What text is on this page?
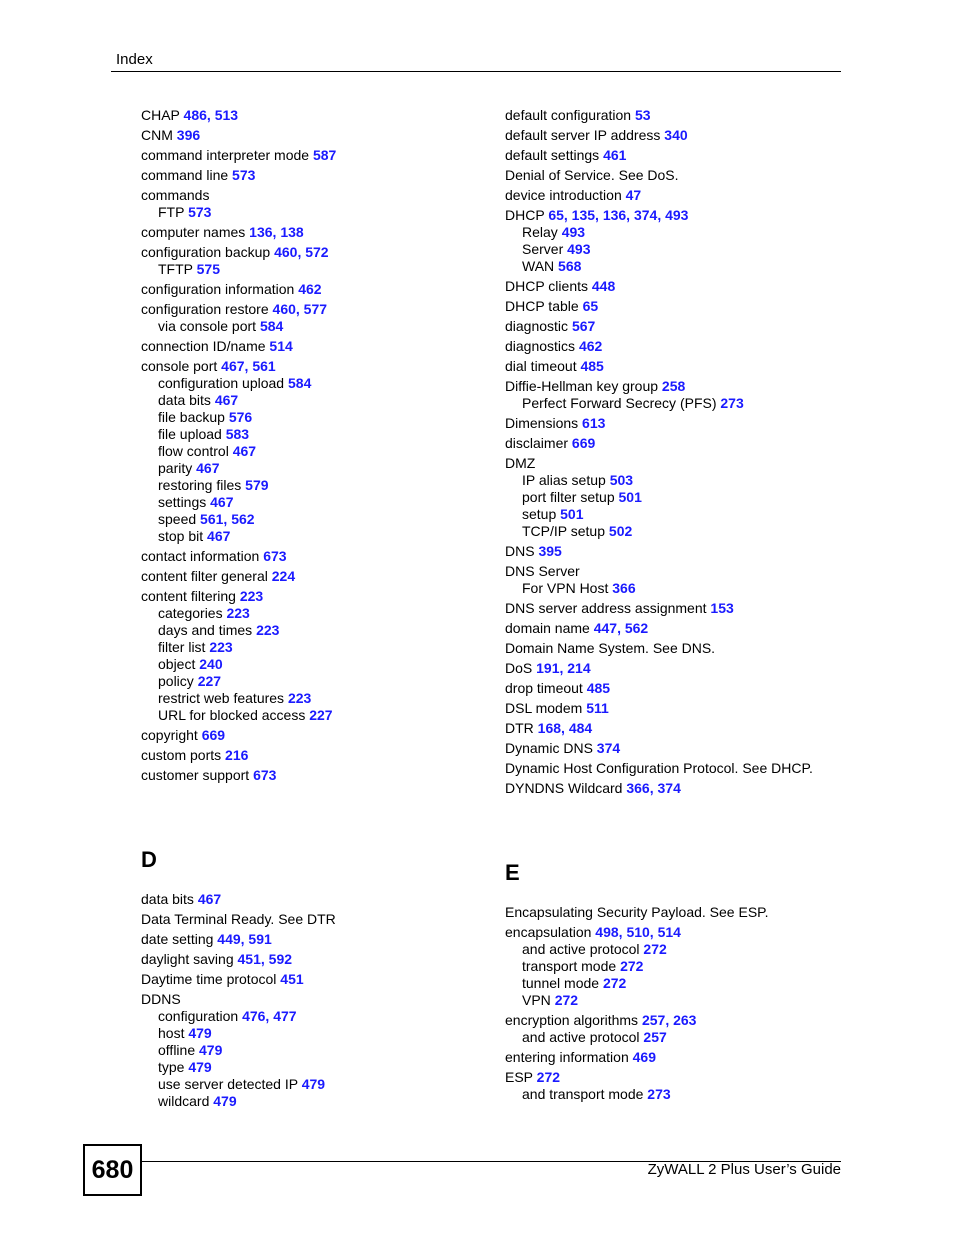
Index
CHAP 486, 513
CNM 396
command interpreter mode 587
command line 573
commands
FTP 573
computer names 136, 138
configuration backup 460, 572
TFTP 575
configuration information 462
configuration restore 460, 577
via console port 584
connection ID/name 514
console port 467, 561
configuration upload 584
data bits 467
file backup 576
file upload 583
flow control 467
parity 467
restoring files 579
settings 467
speed 561, 562
stop bit 467
contact information 673
content filter general 224
content filtering 223
categories 223
days and times 223
filter list 223
object 240
policy 227
restrict web features 223
URL for blocked access 227
copyright 669
custom ports 216
customer support 673
D
data bits 467
Data Terminal Ready. See DTR
date setting 449, 591
daylight saving 451, 592
Daytime time protocol 451
DDNS
configuration 476, 477
host 479
offline 479
type 479
use server detected IP 479
wildcard 479
default configuration 53
default server IP address 340
default settings 461
Denial of Service. See DoS.
device introduction 47
DHCP 65, 135, 136, 374, 493
Relay 493
Server 493
WAN 568
DHCP clients 448
DHCP table 65
diagnostic 567
diagnostics 462
dial timeout 485
Diffie-Hellman key group 258
Perfect Forward Secrecy (PFS) 273
Dimensions 613
disclaimer 669
DMZ
IP alias setup 503
port filter setup 501
setup 501
TCP/IP setup 502
DNS 395
DNS Server
For VPN Host 366
DNS server address assignment 153
domain name 447, 562
Domain Name System. See DNS.
DoS 191, 214
drop timeout 485
DSL modem 511
DTR 168, 484
Dynamic DNS 374
Dynamic Host Configuration Protocol. See DHCP.
DYNDNS Wildcard 366, 374
E
Encapsulating Security Payload. See ESP.
encapsulation 498, 510, 514
and active protocol 272
transport mode 272
tunnel mode 272
VPN 272
encryption algorithms 257, 263
and active protocol 257
entering information 469
ESP 272
and transport mode 273
680	ZyWALL 2 Plus User’s Guide
